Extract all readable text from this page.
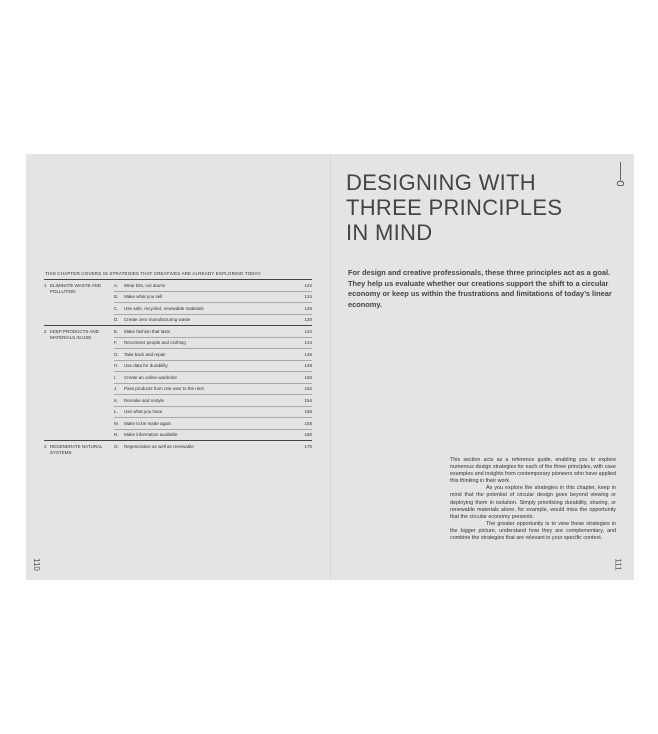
THIS CHAPTER COVERS 15 STRATEGIES THAT CREATIVES ARE ALREADY EXPLORING TODAY.
1 ELIMINATE WASTE AND POLLUTION
A.	Wear bits, not atoms	122
B.	Make what you sell	124
C.	Use safe, recycled, renewable materials	126
D.	Create zero manufacturing waste	130
2 KEEP PRODUCTS AND MATERIALS IN USE
E.	Make fashion that lasts	142
F.	Reconnect people and clothing	144
G.	Take back and repair	146
H.	Use data for durability	148
I.	Create an online wardrobe	150
J.	Pass products from one user to the next	152
K.	Remake and restyle	154
L.	Use what you have	156
M.	Make to be made again	158
N.	Make information available	160
3 REGENERATE NATURAL SYSTEMS
O.	Regenerative as well as renewable	170
110
DESIGNING WITH
THREE PRINCIPLES
IN MIND

For design and creative professionals, these three principles act as a goal. They help us evaluate whether our creations support the shift to a circular economy or keep us within the frustrations and limitations of today’s linear economy.

This section acts as a reference guide, enabling you to explore numerous design strategies for each of the three principles, with case examples and insights from contemporary pioneers who have applied this thinking in their work.

As you explore the strategies in this chapter, keep in mind that the potential of circular design goes beyond viewing or deploying them in isolation. Simply prioritising durability, sharing, or renewable materials alone, for example, would miss the opportunity that the circular economy presents.

The greater opportunity is to view these strategies in the bigger picture, understand how they are complementary, and combine the strategies that are relevant in your specific context.

111
